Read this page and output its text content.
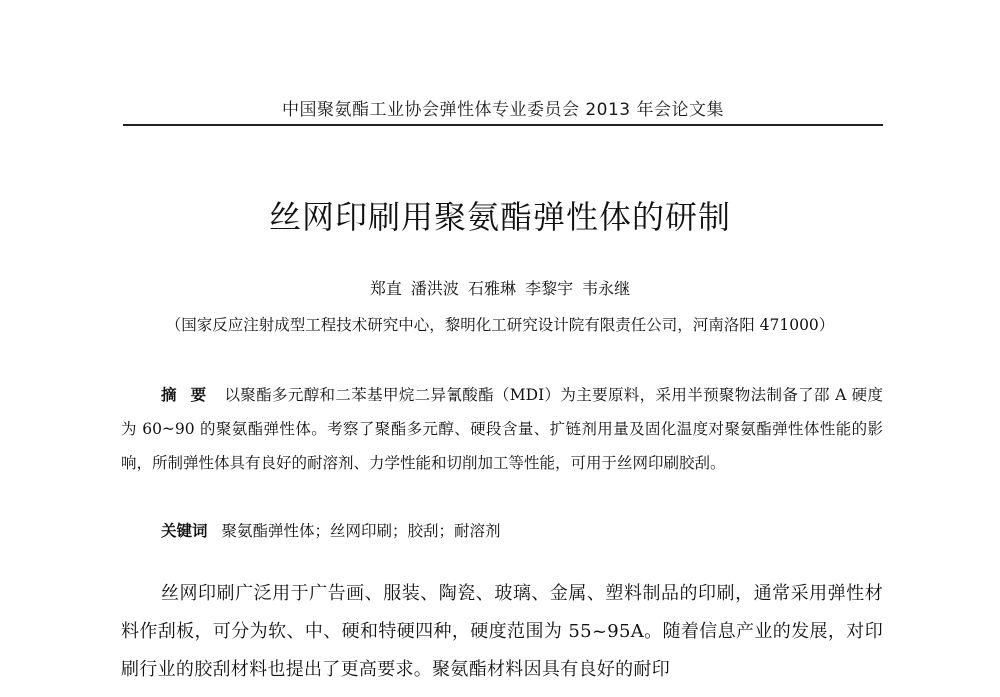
中国聚氨酯工业协会弹性体专业委员会 2013 年会论文集
丝网印刷用聚氨酯弹性体的研制
郑直 潘洪波 石雅琳 李黎宇 韦永继
（国家反应注射成型工程技术研究中心，黎明化工研究设计院有限责任公司，河南洛阳 471000）
摘 要 以聚酯多元醇和二苯基甲烷二异氰酸酯（MDI）为主要原料，采用半预聚物法制备了邵 A 硬度为 60~90 的聚氨酯弹性体。考察了聚酯多元醇、硬段含量、扩链剂用量及固化温度对聚氨酯弹性体性能的影响，所制弹性体具有良好的耐溶剂、力学性能和切削加工等性能，可用于丝网印刷胶刮。
关键词 聚氨酯弹性体；丝网印刷；胶刮；耐溶剂
丝网印刷广泛用于广告画、服装、陶瓷、玻璃、金属、塑料制品的印刷，通常采用弹性材料作刮板，可分为软、中、硬和特硬四种，硬度范围为 55~95A。随着信息产业的发展，对印刷行业的胶刮材料也提出了更高要求。聚氨酯材料因具有良好的耐印
